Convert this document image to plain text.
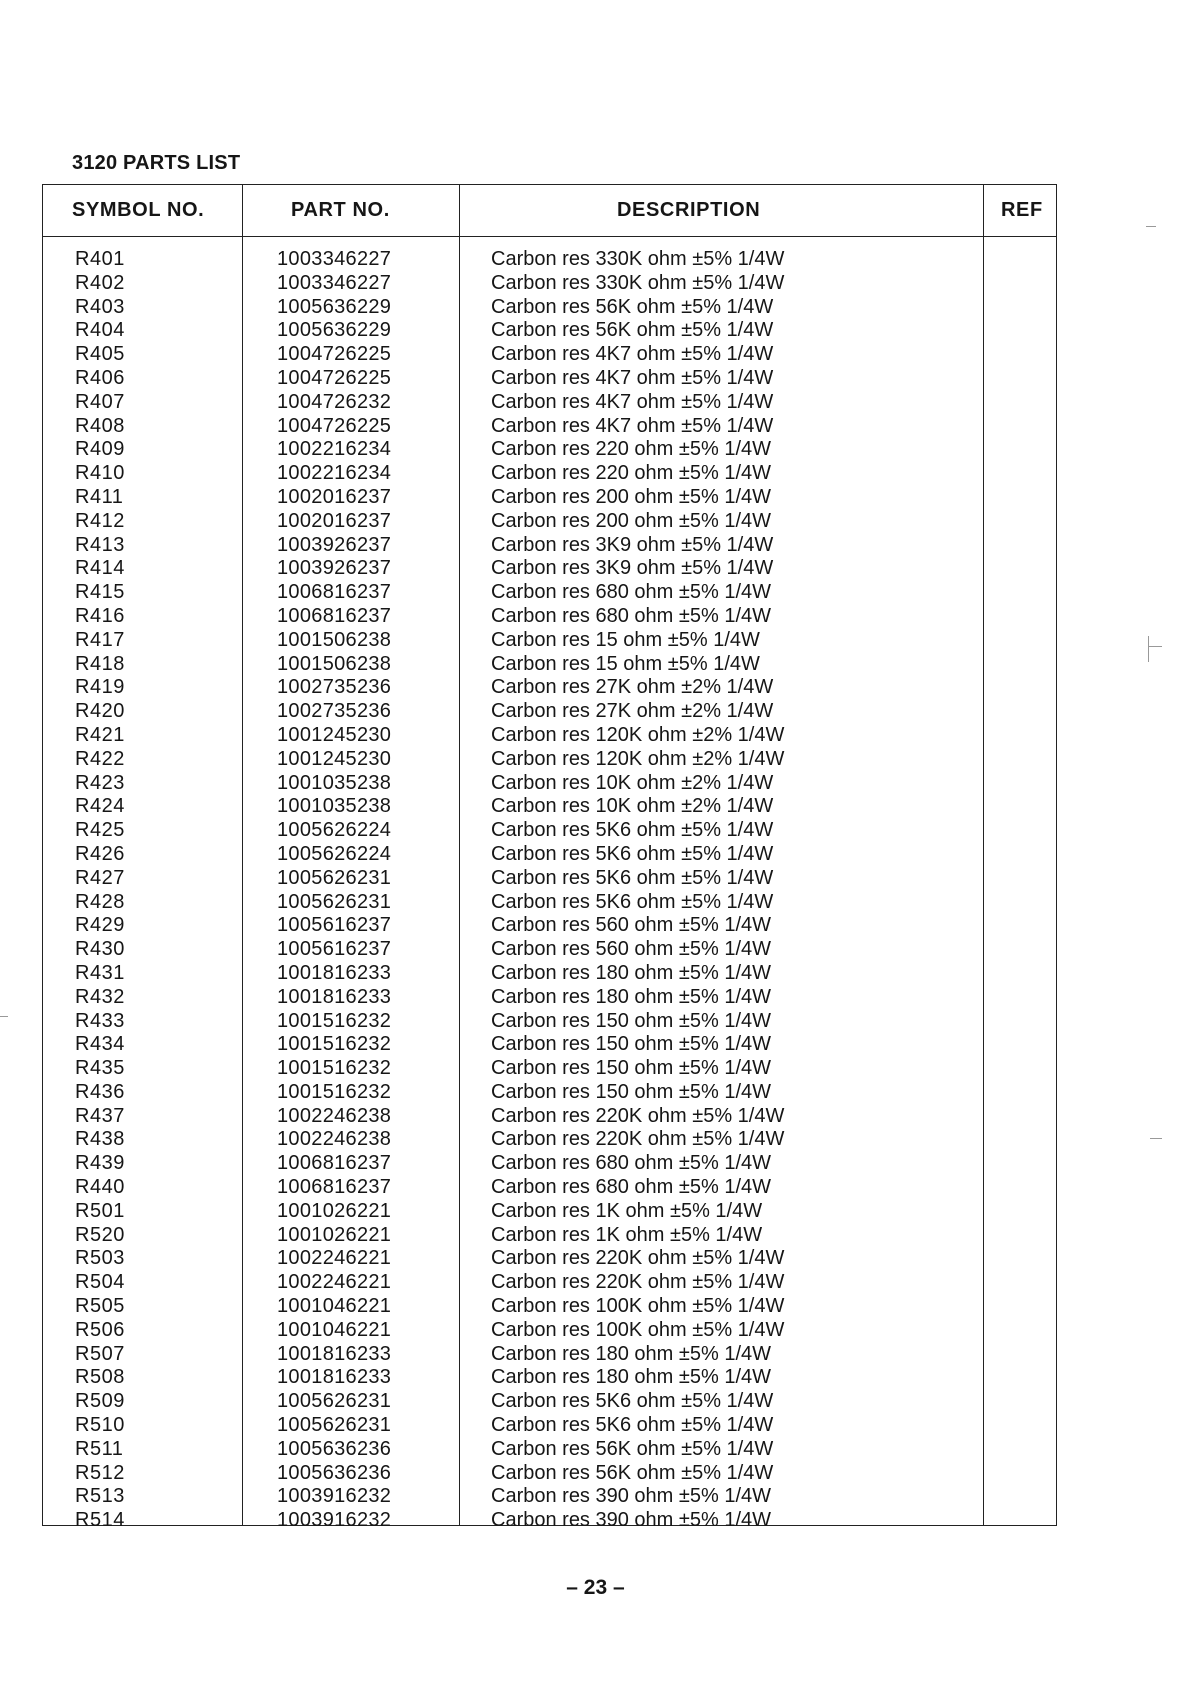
3120 PARTS LIST
SYMBOL NO.	PART NO.	DESCRIPTION	REF
R401	1003346227	Carbon res 330K ohm ±5% 1/4W
R402	1003346227	Carbon res 330K ohm ±5% 1/4W
R403	1005636229	Carbon res 56K ohm ±5% 1/4W
R404	1005636229	Carbon res 56K ohm ±5% 1/4W
R405	1004726225	Carbon res 4K7 ohm ±5% 1/4W
R406	1004726225	Carbon res 4K7 ohm ±5% 1/4W
R407	1004726232	Carbon res 4K7 ohm ±5% 1/4W
R408	1004726225	Carbon res 4K7 ohm ±5% 1/4W
R409	1002216234	Carbon res 220 ohm ±5% 1/4W
R410	1002216234	Carbon res 220 ohm ±5% 1/4W
R411	1002016237	Carbon res 200 ohm ±5% 1/4W
R412	1002016237	Carbon res 200 ohm ±5% 1/4W
R413	1003926237	Carbon res 3K9 ohm ±5% 1/4W
R414	1003926237	Carbon res 3K9 ohm ±5% 1/4W
R415	1006816237	Carbon res 680 ohm ±5% 1/4W
R416	1006816237	Carbon res 680 ohm ±5% 1/4W
R417	1001506238	Carbon res 15 ohm ±5% 1/4W
R418	1001506238	Carbon res 15 ohm ±5% 1/4W
R419	1002735236	Carbon res 27K ohm ±2% 1/4W
R420	1002735236	Carbon res 27K ohm ±2% 1/4W
R421	1001245230	Carbon res 120K ohm ±2% 1/4W
R422	1001245230	Carbon res 120K ohm ±2% 1/4W
R423	1001035238	Carbon res 10K ohm ±2% 1/4W
R424	1001035238	Carbon res 10K ohm ±2% 1/4W
R425	1005626224	Carbon res 5K6 ohm ±5% 1/4W
R426	1005626224	Carbon res 5K6 ohm ±5% 1/4W
R427	1005626231	Carbon res 5K6 ohm ±5% 1/4W
R428	1005626231	Carbon res 5K6 ohm ±5% 1/4W
R429	1005616237	Carbon res 560 ohm ±5% 1/4W
R430	1005616237	Carbon res 560 ohm ±5% 1/4W
R431	1001816233	Carbon res 180 ohm ±5% 1/4W
R432	1001816233	Carbon res 180 ohm ±5% 1/4W
R433	1001516232	Carbon res 150 ohm ±5% 1/4W
R434	1001516232	Carbon res 150 ohm ±5% 1/4W
R435	1001516232	Carbon res 150 ohm ±5% 1/4W
R436	1001516232	Carbon res 150 ohm ±5% 1/4W
R437	1002246238	Carbon res 220K ohm ±5% 1/4W
R438	1002246238	Carbon res 220K ohm ±5% 1/4W
R439	1006816237	Carbon res 680 ohm ±5% 1/4W
R440	1006816237	Carbon res 680 ohm ±5% 1/4W
R501	1001026221	Carbon res 1K ohm ±5% 1/4W
R520	1001026221	Carbon res 1K ohm ±5% 1/4W
R503	1002246221	Carbon res 220K ohm ±5% 1/4W
R504	1002246221	Carbon res 220K ohm ±5% 1/4W
R505	1001046221	Carbon res 100K ohm ±5% 1/4W
R506	1001046221	Carbon res 100K ohm ±5% 1/4W
R507	1001816233	Carbon res 180 ohm ±5% 1/4W
R508	1001816233	Carbon res 180 ohm ±5% 1/4W
R509	1005626231	Carbon res 5K6 ohm ±5% 1/4W
R510	1005626231	Carbon res 5K6 ohm ±5% 1/4W
R511	1005636236	Carbon res 56K ohm ±5% 1/4W
R512	1005636236	Carbon res 56K ohm ±5% 1/4W
R513	1003916232	Carbon res 390 ohm ±5% 1/4W
R514	1003916232	Carbon res 390 ohm ±5% 1/4W
– 23 –
